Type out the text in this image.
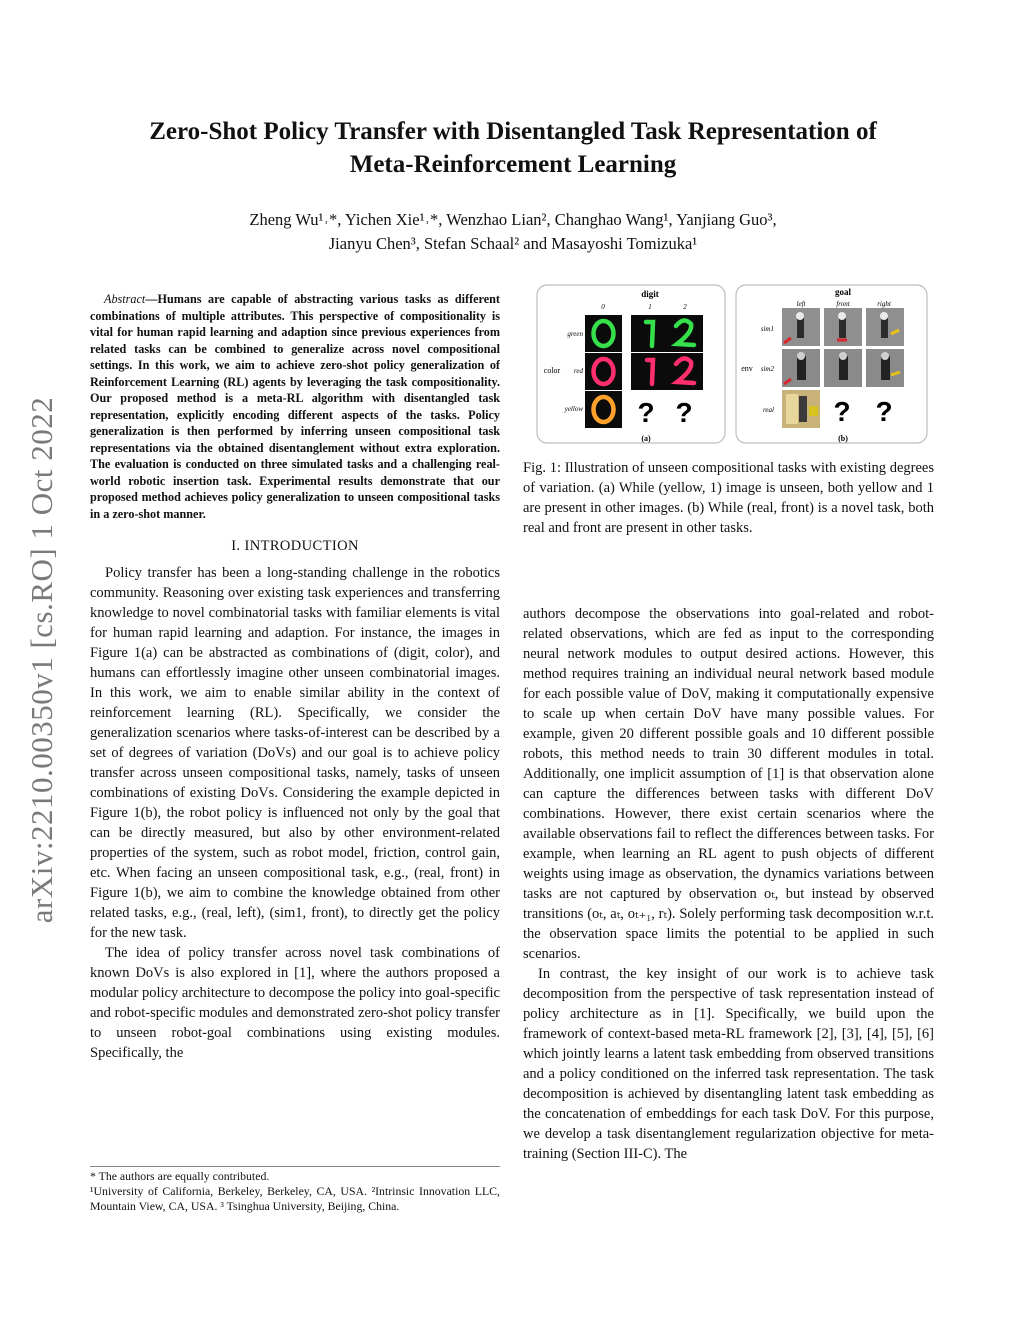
arXiv:2210.00350v1 [cs.RO] 1 Oct 2022
Zero-Shot Policy Transfer with Disentangled Task Representation of
Meta-Reinforcement Learning
Zheng Wu¹˒*, Yichen Xie¹˒*, Wenzhao Lian², Changhao Wang¹, Yanjiang Guo³,
Jianyu Chen³, Stefan Schaal² and Masayoshi Tomizuka¹

Abstract—Humans are capable of abstracting various tasks as different combinations of multiple attributes. This perspective of compositionality is vital for human rapid learning and adaption since previous experiences from related tasks can be combined to generalize across novel compositional settings. In this work, we aim to achieve zero-shot policy generalization of Reinforcement Learning (RL) agents by leveraging the task compositionality. Our proposed method is a meta-RL algorithm with disentangled task representation, explicitly encoding different aspects of the tasks. Policy generalization is then performed by inferring unseen compositional task representations via the obtained disentanglement without extra exploration. The evaluation is conducted on three simulated tasks and a challenging real-world robotic insertion task. Experimental results demonstrate that our proposed method achieves policy generalization to unseen compositional tasks in a zero-shot manner.

I. INTRODUCTION

Policy transfer has been a long-standing challenge in the robotics community. Reasoning over existing task experiences and transferring knowledge to novel combinatorial tasks with familiar elements is vital for human rapid learning and adaption. For instance, the images in Figure 1(a) can be abstracted as combinations of (digit, color), and humans can effortlessly imagine other unseen combinatorial images. In this work, we aim to enable similar ability in the context of reinforcement learning (RL). Specifically, we consider the generalization scenarios where tasks-of-interest can be described by a set of degrees of variation (DoVs) and our goal is to achieve policy transfer across unseen compositional tasks, namely, tasks of unseen combinations of existing DoVs. Considering the example depicted in Figure 1(b), the robot policy is influenced not only by the goal that can be directly measured, but also by other environment-related properties of the system, such as robot model, friction, control gain, etc. When facing an unseen compositional task, e.g., (real, front) in Figure 1(b), we aim to combine the knowledge obtained from other related tasks, e.g., (real, left), (sim1, front), to directly get the policy for the new task.

The idea of policy transfer across novel task combinations of known DoVs is also explored in [1], where the authors proposed a modular policy architecture to decompose the policy into goal-specific and robot-specific modules and demonstrated zero-shot policy transfer to unseen robot-goal combinations using existing modules. Specifically, the

* The authors are equally contributed.

¹University of California, Berkeley, Berkeley, CA, USA. ²Intrinsic Innovation LLC, Mountain View, CA, USA. ³ Tsinghua University, Beijing, China.

digit
0	1	2
color
green
red
yellow ? ?
(a)
goal
left	front	right
env
sim1
sim2
real ? ?
(b)

Fig. 1: Illustration of unseen compositional tasks with existing degrees of variation. (a) While (yellow, 1) image is unseen, both yellow and 1 are present in other images. (b) While (real, front) is a novel task, both real and front are present in other tasks.

authors decompose the observations into goal-related and robot-related observations, which are fed as input to the corresponding neural network modules to output desired actions. However, this method requires training an individual neural network based module for each possible value of DoV, making it computationally expensive to scale up when certain DoV have many possible values. For example, given 20 different possible goals and 10 different possible robots, this method needs to train 30 different modules in total. Additionally, one implicit assumption of [1] is that observation alone can capture the differences between tasks with different DoV combinations. However, there exist certain scenarios where the available observations fail to reflect the differences between tasks. For example, when learning an RL agent to push objects of different weights using image as observation, the dynamics variations between tasks are not captured by observation oₜ, but instead by observed transitions (oₜ, aₜ, oₜ₊₁, rₜ). Solely performing task decomposition w.r.t. the observation space limits the potential to be applied in such scenarios.

In contrast, the key insight of our work is to achieve task decomposition from the perspective of task representation instead of policy architecture as in [1]. Specifically, we build upon the framework of context-based meta-RL framework [2], [3], [4], [5], [6] which jointly learns a latent task embedding from observed transitions and a policy conditioned on the inferred task representation. The task decomposition is achieved by disentangling latent task embedding as the concatenation of embeddings for each task DoV. For this purpose, we develop a task disentanglement regularization objective for meta-training (Section III-C). The
